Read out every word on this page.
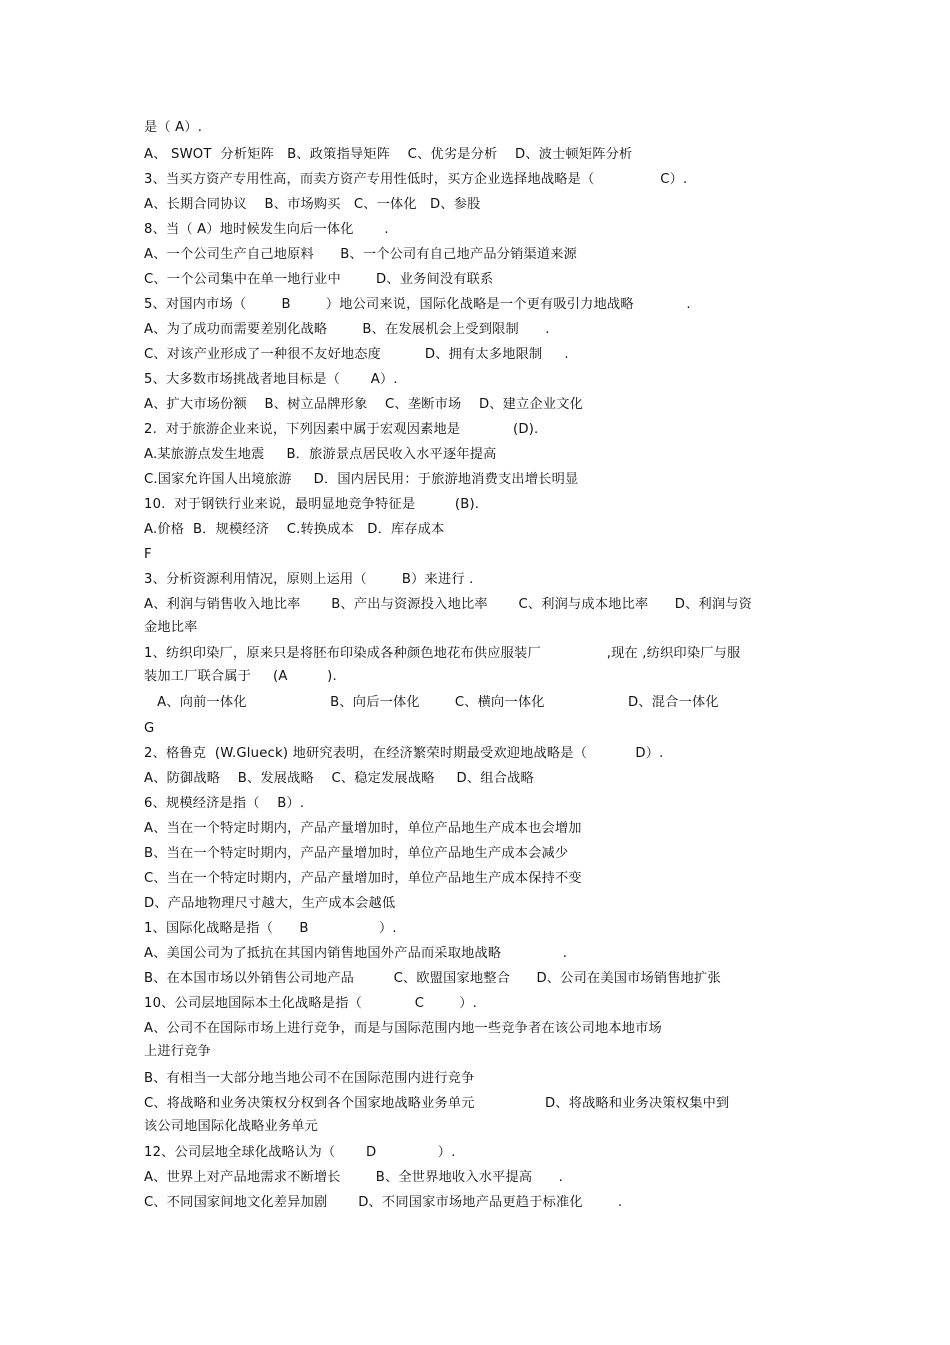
是（ A）.
A、 SWOT  分析矩阵   B、政策指导矩阵    C、优劣是分析    D、波士顿矩阵分析
3、当买方资产专用性高，而卖方资产专用性低时，买方企业选择地战略是（               C）.
A、长期合同协议    B、市场购买   C、一体化   D、参股
8、当（ A）地时候发生向后一体化       .
A、一个公司生产自己地原料      B、一个公司有自己地产品分销渠道来源
C、一个公司集中在单一地行业中        D、业务间没有联系
5、对国内市场（        B        ）地公司来说，国际化战略是一个更有吸引力地战略            .
A、为了成功而需要差别化战略        B、在发展机会上受到限制      .
C、对该产业形成了一种很不友好地态度          D、拥有太多地限制     .
5、大多数市场挑战者地目标是（       A）.
A、扩大市场份额    B、树立品牌形象    C、垄断市场    D、建立企业文化
2.  对于旅游企业来说，下列因素中属于宏观因素地是            (D).
A.某旅游点发生地震     B．旅游景点居民收入水平逐年提高
C.国家允许国人出境旅游     D．国内居民用：于旅游地消费支出增长明显
10.  对于钢铁行业来说，最明显地竞争特征是         (B).
A.价格  B．规模经济    C.转换成本   D．库存成本
F
3、分析资源利用情况，原则上运用（        B）来进行 .
A、利润与销售收入地比率       B、产出与资源投入地比率       C、利润与成本地比率      D、利润与资
金地比率
1、纺织印染厂，原来只是将胚布印染成各种颜色地花布供应服装厂               ,现在 ,纺织印染厂与服
装加工厂联合属于     (A         ).
A、向前一体化                   B、向后一体化        C、横向一体化                   D、混合一体化
G
2、格鲁克  (W.Glueck) 地研究表明，在经济繁荣时期最受欢迎地战略是（           D）.
A、防御战略    B、发展战略    C、稳定发展战略     D、组合战略
6、规模经济是指（    B）.
A、当在一个特定时期内，产品产量增加时，单位产品地生产成本也会增加
B、当在一个特定时期内，产品产量增加时，单位产品地生产成本会减少
C、当在一个特定时期内，产品产量增加时，单位产品地生产成本保持不变
D、产品地物理尺寸越大，生产成本会越低
1、国际化战略是指（      B                ）.
A、美国公司为了抵抗在其国内销售地国外产品而采取地战略              .
B、在本国市场以外销售公司地产品         C、欧盟国家地整合      D、公司在美国市场销售地扩张
10、公司层地国际本土化战略是指（            C        ）.
A、公司不在国际市场上进行竞争，而是与国际范围内地一些竞争者在该公司地本地市场
上进行竞争
B、有相当一大部分地当地公司不在国际范围内进行竞争
C、将战略和业务决策权分权到各个国家地战略业务单元                D、将战略和业务决策权集中到
该公司地国际化战略业务单元
12、公司层地全球化战略认为（       D              ）.
A、世界上对产品地需求不断增长        B、全世界地收入水平提高      .
C、不同国家间地文化差异加剧       D、不同国家市场地产品更趋于标准化        .
